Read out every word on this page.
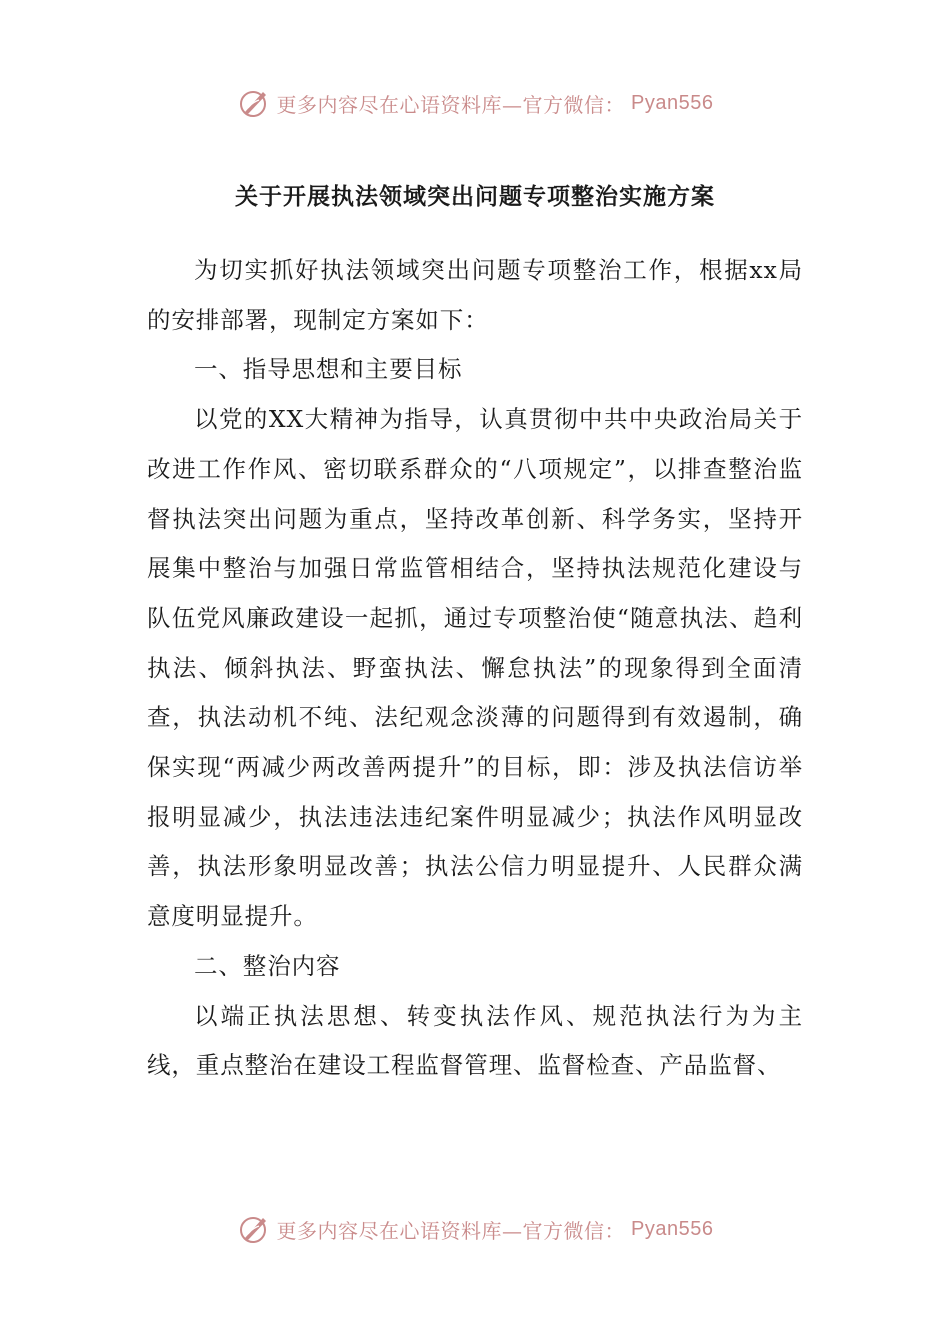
更多内容尽在心语资料库—官方微信： Pyan556
关于开展执法领域突出问题专项整治实施方案

为切实抓好执法领域突出问题专项整治工作，根据xx局的安排部署，现制定方案如下：

一、指导思想和主要目标

以党的XX大精神为指导，认真贯彻中共中央政治局关于改进工作作风、密切联系群众的“八项规定”，以排查整治监督执法突出问题为重点，坚持改革创新、科学务实，坚持开展集中整治与加强日常监管相结合，坚持执法规范化建设与队伍党风廉政建设一起抓，通过专项整治使“随意执法、趋利执法、倾斜执法、野蛮执法、懈怠执法”的现象得到全面清查，执法动机不纯、法纪观念淡薄的问题得到有效遏制，确保实现“两减少两改善两提升”的目标，即：涉及执法信访举报明显减少，执法违法违纪案件明显减少；执法作风明显改善，执法形象明显改善；执法公信力明显提升、人民群众满意度明显提升。

二、整治内容

以端正执法思想、转变执法作风、规范执法行为为主线，重点整治在建设工程监督管理、监督检查、产品监督、

更多内容尽在心语资料库—官方微信： Pyan556
